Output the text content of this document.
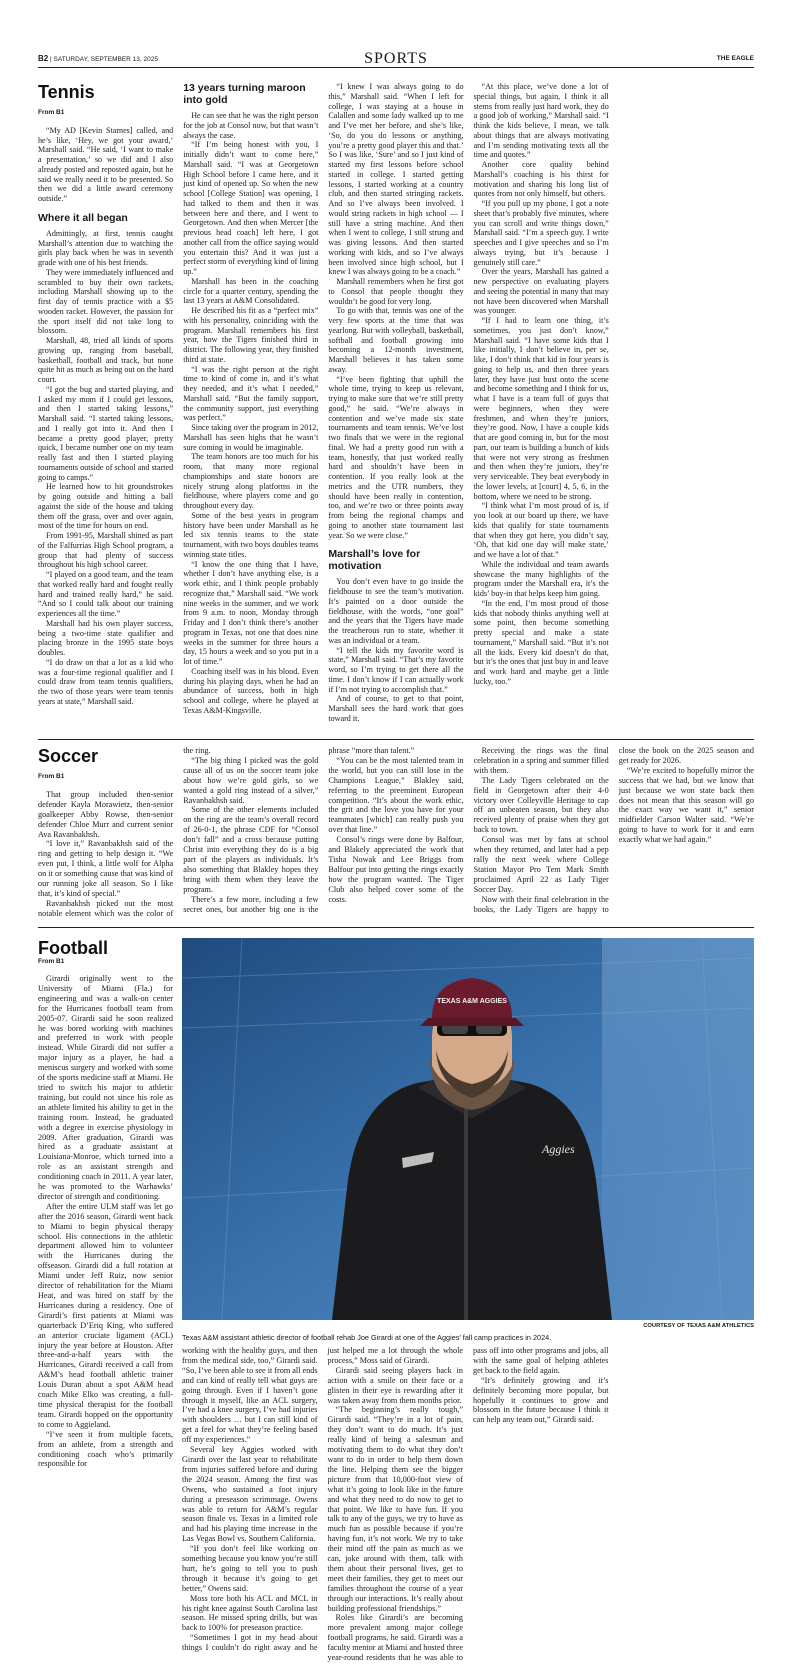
B2 | SATURDAY, SEPTEMBER 13, 2025	SPORTS	THE EAGLE
Tennis
From B1

“My AD [Kevin Starnes] called, and he’s like, ‘Hey, we got your award,’ Marshall said. “He said, ‘I want to make a presentation,’ so we did and I also already posted and reposted again, but he said we really need it to be presented. So then we did a little award ceremony outside.”

Where it all began

Admittingly, at first, tennis caught Marshall’s attention due to watching the girls play back when he was in seventh grade with one of his best friends.

They were immediately influenced and scrambled to buy their own rackets, including Marshall showing up to the first day of tennis practice with a $5 wooden racket. However, the passion for the sport itself did not take long to blossom.

Marshall, 48, tried all kinds of sports growing up, ranging from baseball, basketball, football and track, but none quite hit as much as being out on the hard court.

“I got the bug and started playing, and I asked my mom if I could get lessons, and then I started taking lessons,” Marshall said. “I started taking lessons, and I really got into it. And then I became a pretty good player, pretty quick, I became number one on my team really fast and then I started playing tournaments outside of school and started going to camps.”

He learned how to hit groundstrokes by going outside and hitting a ball against the side of the house and taking them off the grass, over and over again, most of the time for hours on end.

From 1991-95, Marshall shined as part of the Falfurrias High School program, a group that had plenty of success throughout his high school career.

“I played on a good team, and the team that worked really hard and fought really hard and trained really hard,” he said. “And so I could talk about our training experiences all the time.”

Marshall had his own player success, being a two-time state qualifier and placing bronze in the 1995 state boys doubles.

“I do draw on that a lot as a kid who was a four-time regional qualifier and I could draw from team tennis qualifiers, the two of those years were team tennis years at state,” Marshall said.

13 years turning maroon into gold

He can see that he was the right person for the job at Consol now, but that wasn’t always the case.

“If I’m being honest with you, I initially didn’t want to come here,” Marshall said. “I was at Georgetown High School before I came here, and it just kind of opened up. So when the new school [College Station] was opening, I had talked to them and then it was between here and there, and I went to Georgetown. And then when Mercer [the previous head coach] left here, I got another call from the office saying would you entertain this? And it was just a perfect storm of everything kind of lining up.”

Marshall has been in the coaching circle for a quarter century, spending the last 13 years at A&M Consolidated.

He described his fit as a “perfect mix” with his personality, coinciding with the program. Marshall remembers his first year, how the Tigers finished third in district. The following year, they finished third at state.

“I was the right person at the right time to kind of come in, and it’s what they needed, and it’s what I needed,” Marshall said. “But the family support, the community support, just everything was perfect.”

Since taking over the program in 2012, Marshall has seen highs that he wasn’t sure coming in would be imaginable.

The team honors are too much for his room, that many more regional championships and state honors are nicely strung along platforms in the fieldhouse, where players come and go throughout every day.

Some of the best years in program history have been under Marshall as he led six tennis teams to the state tournament, with two boys doubles teams winning state titles.

“I know the one thing that I have, whether I don’t have anything else, is a work ethic, and I think people probably recognize that,” Marshall said. “We work nine weeks in the summer, and we work from 9 a.m. to noon, Monday through Friday and I don’t think there’s another program in Texas, not one that does nine weeks in the summer for three hours a day, 15 hours a week and so you put in a lot of time.”

Coaching itself was in his blood. Even during his playing days, when he had an abundance of success, both in high school and college, where he played at Texas A&M-Kingsville.

“I knew I was always going to do this,” Marshall said. “When I left for college, I was staying at a house in Calallen and some lady walked up to me and I’ve met her before, and she’s like, ‘So, do you do lessons or anything, you’re a pretty good player this and that.’ So I was like, ‘Sure’ and so I just kind of started my first lessons before school started in college. I started getting lessons, I started working at a country club, and then started stringing rackets. And so I’ve always been involved. I would string rackets in high school — I still have a string machine. And then when I went to college, I still strung and was giving lessons. And then started working with kids, and so I’ve always been involved since high school, but I knew I was always going to be a coach.”

Marshall remembers when he first got to Consol that people thought they wouldn’t be good for very long.

To go with that, tennis was one of the very few sports at the time that was yearlong. But with volleyball, basketball, softball and football growing into becoming a 12-month investment, Marshall believes it has taken some away.

“I’ve been fighting that uphill the whole time, trying to keep us relevant, trying to make sure that we’re still pretty good,” he said. “We’re always in contention and we’ve made six state tournaments and team tennis. We’ve lost two finals that we were in the regional final. We had a pretty good run with a team, honestly, that just worked really hard and shouldn’t have been in contention. If you really look at the metrics and the UTR numbers, they should have been really in contention, too, and we’re two or three points away from being the regional champs and going to another state tournament last year. So we were close.”

Marshall’s love for motivation

You don’t even have to go inside the fieldhouse to see the team’s motivation. It’s painted on a door outside the fieldhouse, with the words, “one goal” and the years that the Tigers have made the treacherous run to state, whether it was an individual or a team.

“I tell the kids my favorite word is state,” Marshall said. “That’s my favorite word, so I’m trying to get there all the time. I don’t know if I can actually work if I’m not trying to accomplish that.”

And of course, to get to that point, Marshall sees the hard work that goes toward it.

“At this place, we’ve done a lot of special things, but again, I think it all stems from really just hard work, they do a good job of working,” Marshall said. “I think the kids believe, I mean, we talk about things that are always motivating and I’m sending motivating texts all the time and quotes.”

Another core quality behind Marshall’s coaching is his thirst for motivation and sharing his long list of quotes from not only himself, but others.

“If you pull up my phone, I got a note sheet that’s probably five minutes, where you can scroll and write things down,” Marshall said. “I’m a speech guy. I write speeches and I give speeches and so I’m always trying, but it’s because I genuinely still care.”

Over the years, Marshall has gained a new perspective on evaluating players and seeing the potential in many that may not have been discovered when Marshall was younger.

“If I had to learn one thing, it’s sometimes, you just don’t know,” Marshall said. “I have some kids that I like initially, I don’t believe in, per se, like, I don’t think that kid in four years is going to help us, and then three years later, they have just bust onto the scene and become something and I think for us, what I have is a team full of guys that were beginners, when they were freshmen, and when they’re juniors, they’re good. Now, I have a couple kids that are good coming in, but for the most part, our team is building a bunch of kids that were not very strong as freshmen and then when they’re juniors, they’re very serviceable. They beat everybody in the lower levels, at [court] 4, 5, 6, in the bottom, where we need to be strong.

“I think what I’m most proud of is, if you look at our board up there, we have kids that qualify for state tournaments that when they got here, you didn’t say, ‘Oh, that kid one day will make state,’ and we have a lot of that.”

While the individual and team awards showcase the many highlights of the program under the Marshall era, it’s the kids’ buy-in that helps keep him going.

“In the end, I’m most proud of those kids that nobody thinks anything well at some point, then become something pretty special and make a state tournament,” Marshall said. “But it’s not all the kids. Every kid doesn’t do that, but it’s the ones that just buy in and leave and work hard and maybe get a little lucky, too.”

Soccer
From B1

That group included then-senior defender Kayla Morawietz, then-senior goalkeeper Abby Rowse, then-senior defender Chloe Murr and current senior Ava Ravanbakhsh.

“I love it,” Ravanbakhsh said of the ring and getting to help design it. “We even put, I think, a little wolf for Alpha on it or something cause that was kind of our running joke all season. So I like that, it’s kind of special.”

Ravanbakhsh picked out the most notable element which was the color of the ring.

“The big thing I picked was the gold cause all of us on the soccer team joke about how we’re gold girls, so we wanted a gold ring instead of a silver,” Ravanbakhsh said.

Some of the other elements included on the ring are the team’s overall record of 26-0-1, the phrase CDF for “Consol don’t fall” and a cross because putting Christ into everything they do is a big part of the players as individuals. It’s also something that Blakley hopes they bring with them when they leave the program.

There’s a few more, including a few secret ones, but another big one is the phrase “more than talent.”

“You can be the most talented team in the world, but you can still lose in the Champions League,” Blakley said, referring to the preeminent European competition. “It’s about the work ethic, the grit and the love you have for your teammates [which] can really push you over that line.”

Consol’s rings were done by Balfour, and Blakely appreciated the work that Tisha Nowak and Lee Briggs from Balfour put into getting the rings exactly how the program wanted. The Tiger Club also helped cover some of the costs.

Receiving the rings was the final celebration in a spring and summer filled with them.

The Lady Tigers celebrated on the field in Georgetown after their 4-0 victory over Colleyville Heritage to cap off an unbeaten season, but they also received plenty of praise when they got back to town.

Consol was met by fans at school when they returned, and later had a pep rally the next week where College Station Mayor Pro Tem Mark Smith proclaimed April 22 as Lady Tiger Soccer Day.

Now with their final celebration in the books, the Lady Tigers are happy to close the book on the 2025 season and get ready for 2026.

“We’re excited to hopefully mirror the success that we had, but we know that just because we won state back then does not mean that this season will go the exact way we want it,” senior midfielder Carson Walter said. “We’re going to have to work for it and earn exactly what we had again.”

Football
From B1

Girardi originally went to the University of Miami (Fla.) for engineering and was a walk-on center for the Hurricanes football team from 2005-07. Girardi said he soon realized he was bored working with machines and preferred to work with people instead. While Girardi did not suffer a major injury as a player, he had a meniscus surgery and worked with some of the sports medicine staff at Miami. He tried to switch his major to athletic training, but could not since his role as an athlete limited his ability to get in the training room. Instead, he graduated with a degree in exercise physiology in 2009. After graduation, Girardi was hired as a graduate assistant at Louisiana-Monroe, which turned into a role as an assistant strength and conditioning coach in 2011. A year later, he was promoted to the Warhawks’ director of strength and conditioning.

After the entire ULM staff was let go after the 2016 season, Girardi went back to Miami to begin physical therapy school. His connections in the athletic department allowed him to volunteer with the Hurricanes during the offseason. Girardi did a full rotation at Miami under Jeff Ruiz, now senior director of rehabilitation for the Miami Heat, and was hired on staff by the Hurricanes during a residency. One of Girardi’s first patients at Miami was quarterback D’Eriq King, who suffered an anterior cruciate ligament (ACL) injury the year before at Houston. After three-and-a-half years with the Hurricanes, Girardi received a call from A&M’s head football athletic trainer Louis Duran about a spot A&M head coach Mike Elko was creating, a full-time physical therapist for the football team. Girardi hopped on the opportunity to come to Aggieland.

“I’ve seen it from multiple facets, from an athlete, from a strength and conditioning coach who’s primarily responsible for

TEXAS A&M AGGIES
Aggies
COURTESY OF TEXAS A&M ATHLETICS
Texas A&M assistant athletic director of football rehab Joe Girardi at one of the Aggies’ fall camp practices in 2024.

working with the healthy guys, and then from the medical side, too,” Girardi said. “So, I’ve been able to see it from all ends and can kind of really tell what guys are going through. Even if I haven’t gone through it myself, like an ACL surgery, I’ve had a knee surgery, I’ve had injuries with shoulders … but I can still kind of get a feel for what they’re feeling based off my experiences.”

Several key Aggies worked with Girardi over the last year to rehabilitate from injuries suffered before and during the 2024 season. Among the first was Owens, who sustained a foot injury during a preseason scrimmage. Owens was able to return for A&M’s regular season finale vs. Texas in a limited role and had his playing time increase in the Las Vegas Bowl vs. Southern California.

“If you don’t feel like working on something because you know you’re still hurt, he’s going to tell you to push through it because it’s going to get better,” Owens said.

Moss tore both his ACL and MCL in his right knee against South Carolina last season. He missed spring drills, but was back to 100% for preseason practice.

“Sometimes I got in my head about things I couldn’t do right away and he just helped me a lot through the whole process,” Moss said of Girardi.

Girardi said seeing players back in action with a smile on their face or a glisten in their eye is rewarding after it was taken away from them months prior.

“The beginning’s really tough,” Girardi said. “They’re in a lot of pain, they don’t want to do much. It’s just really kind of being a salesman and motivating them to do what they don’t want to do in order to help them down the line. Helping them see the bigger picture from that 10,000-foot view of what it’s going to look like in the future and what they need to do now to get to that point. We like to have fun. If you talk to any of the guys, we try to have as much fun as possible because if you’re having fun, it’s not work. We try to take their mind off the pain as much as we can, joke around with them, talk with them about their personal lives, get to meet their families, they get to meet our families throughout the course of a year through our interactions. It’s really about building professional friendships.”

Roles like Girardi’s are becoming more prevalent among major college football programs, he said. Girardi was a faculty mentor at Miami and hosted three year-round residents that he was able to pass off into other programs and jobs, all with the same goal of helping athletes get back to the field again.

“It’s definitely growing and it’s definitely becoming more popular, but hopefully it continues to grow and blossom in the future because I think it can help any team out,” Girardi said.
